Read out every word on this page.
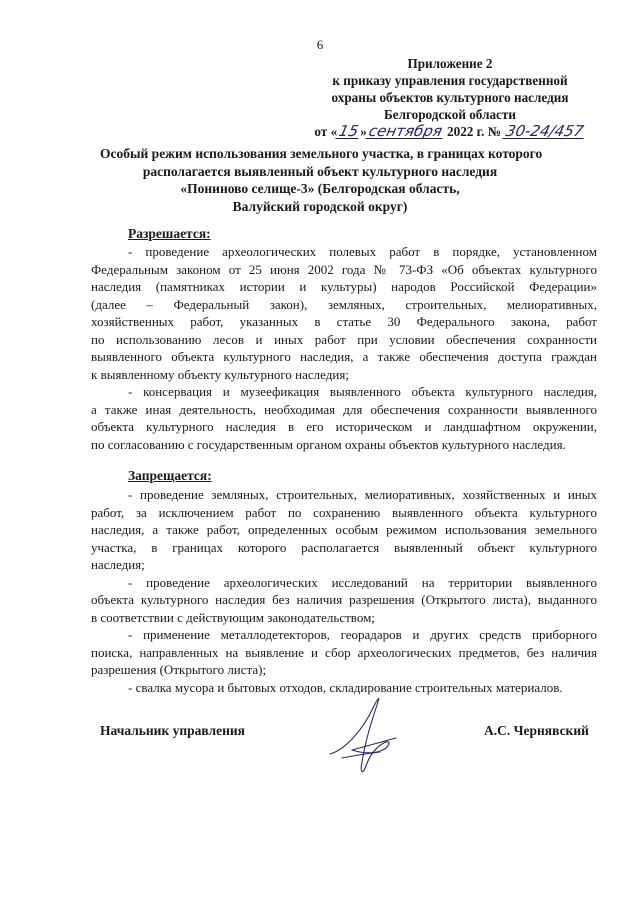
6
Приложение 2
к приказу управления государственной
охраны объектов культурного наследия
Белгородской области
от «15»сентября 2022 г. № 30-24/457
Особый режим использования земельного участка, в границах которого
располагается выявленный объект культурного наследия
«Пониново селище-3» (Белгородская область,
Валуйский городской округ)
Разрешается:
- проведение археологических полевых работ в порядке, установленном
Федеральным законом от 25 июня 2002 года № 73-ФЗ «Об объектах культурного
наследия (памятниках истории и культуры) народов Российской Федерации»
(далее – Федеральный закон), земляных, строительных, мелиоративных,
хозяйственных работ, указанных в статье 30 Федерального закона, работ
по использованию лесов и иных работ при условии обеспечения сохранности
выявленного объекта культурного наследия, а также обеспечения доступа граждан
к выявленному объекту культурного наследия;
- консервация и музеефикация выявленного объекта культурного наследия,
а также иная деятельность, необходимая для обеспечения сохранности выявленного
объекта культурного наследия в его историческом и ландшафтном окружении,
по согласованию с государственным органом охраны объектов культурного наследия.
Запрещается:
- проведение земляных, строительных, мелиоративных, хозяйственных и иных
работ, за исключением работ по сохранению выявленного объекта культурного
наследия, а также работ, определенных особым режимом использования земельного
участка, в границах которого располагается выявленный объект культурного
наследия;
- проведение археологических исследований на территории выявленного
объекта культурного наследия без наличия разрешения (Открытого листа), выданного
в соответствии с действующим законодательством;
- применение металлодетекторов, георадаров и других средств приборного
поиска, направленных на выявление и сбор археологических предметов, без наличия
разрешения (Открытого листа);
- свалка мусора и бытовых отходов, складирование строительных материалов.
Начальник управления	А.С. Чернявский
